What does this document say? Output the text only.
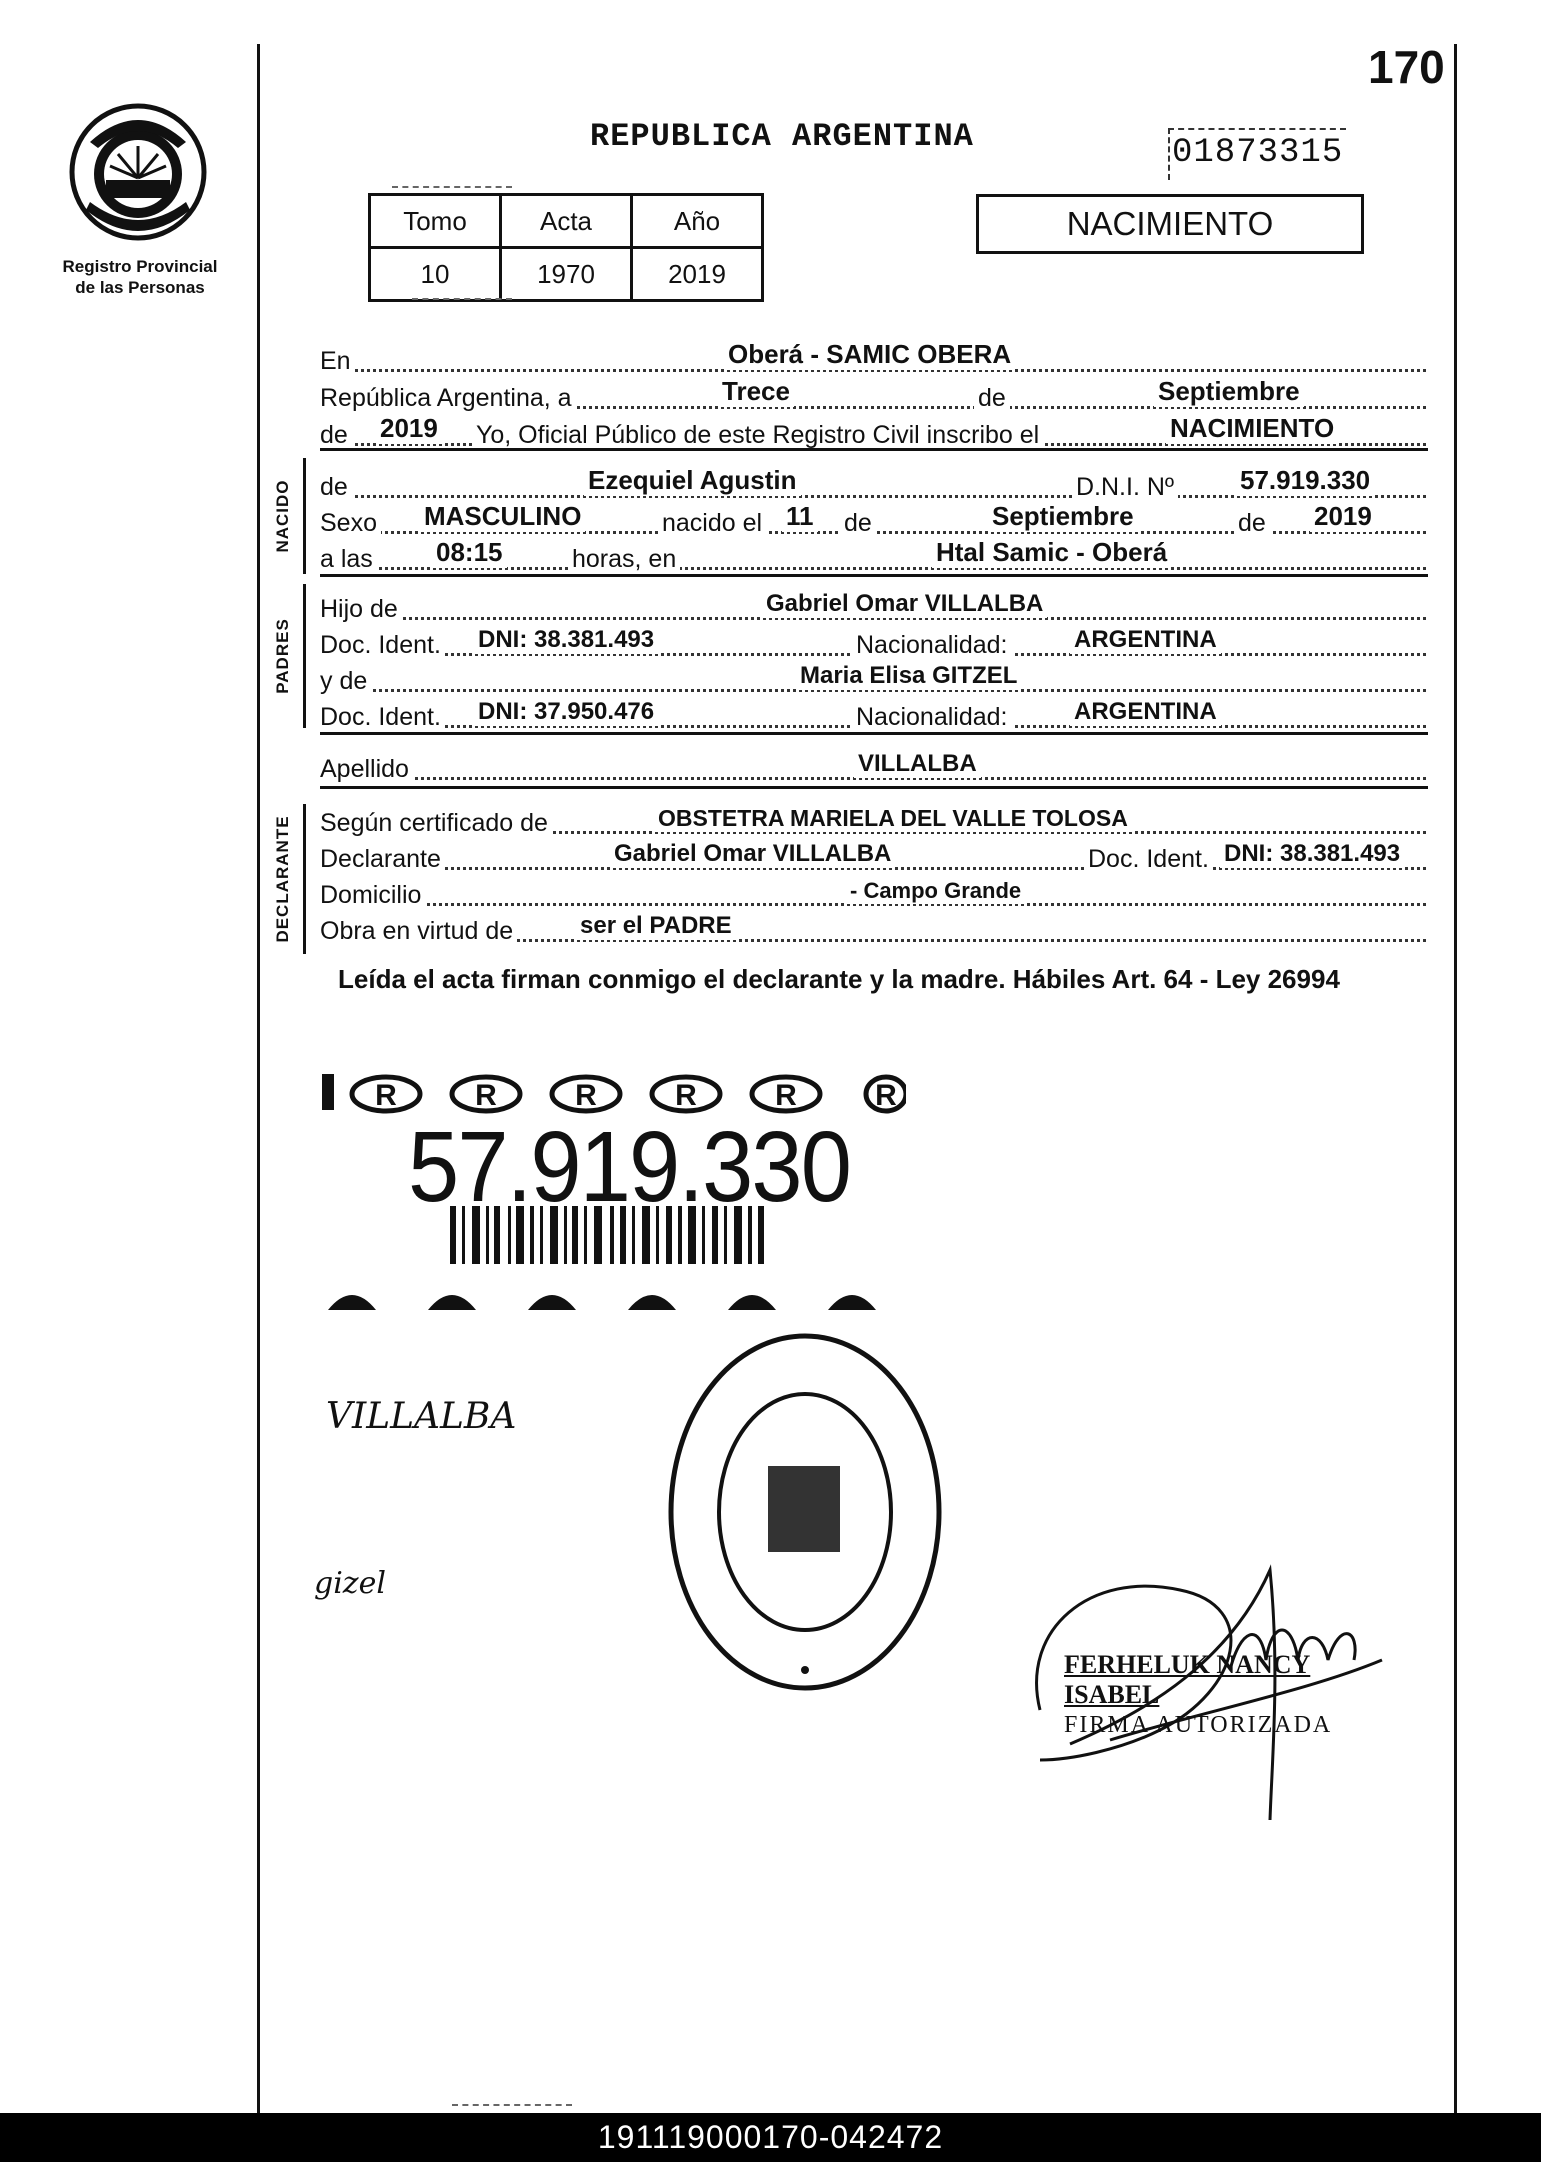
Registro Provincial
de las Personas
170
REPUBLICA ARGENTINA	01873315
Tomo	Acta	Año
10	1970	2019
NACIMIENTO
En	Oberá - SAMIC OBERA
República Argentina, a	Trece	de	Septiembre
de 2019 Yo, Oficial Público de este Registro Civil inscribo el	NACIMIENTO
NACIDO de	Ezequiel Agustin	D.N.I. Nº	57.919.330
Sexo MASCULINO	nacido el 11 de	Septiembre	de 2019
a las 08:15	horas, en	Htal Samic - Oberá
PADRES
Hijo de	Gabriel Omar VILLALBA
Doc. Ident. DNI: 38.381.493	Nacionalidad:	ARGENTINA
y de	Maria Elisa GITZEL
Doc. Ident. DNI: 37.950.476	Nacionalidad:	ARGENTINA
Apellido	VILLALBA
DECLARANTE Según certificado de	OBSTETRA MARIELA DEL VALLE TOLOSA
Declarante	Gabriel Omar VILLALBA	Doc. Ident. DNI: 38.381.493
Domicilio	- Campo Grande
Obra en virtud de	ser el PADRE
Leída el acta firman conmigo el declarante y la madre. Hábiles Art. 64 - Ley 26994
R	R	R	R	R	R
57.919.330
VILLALBA
gizel
FERHELUK NANCY ISABEL
FIRMA AUTORIZADA
191119000170-042472
